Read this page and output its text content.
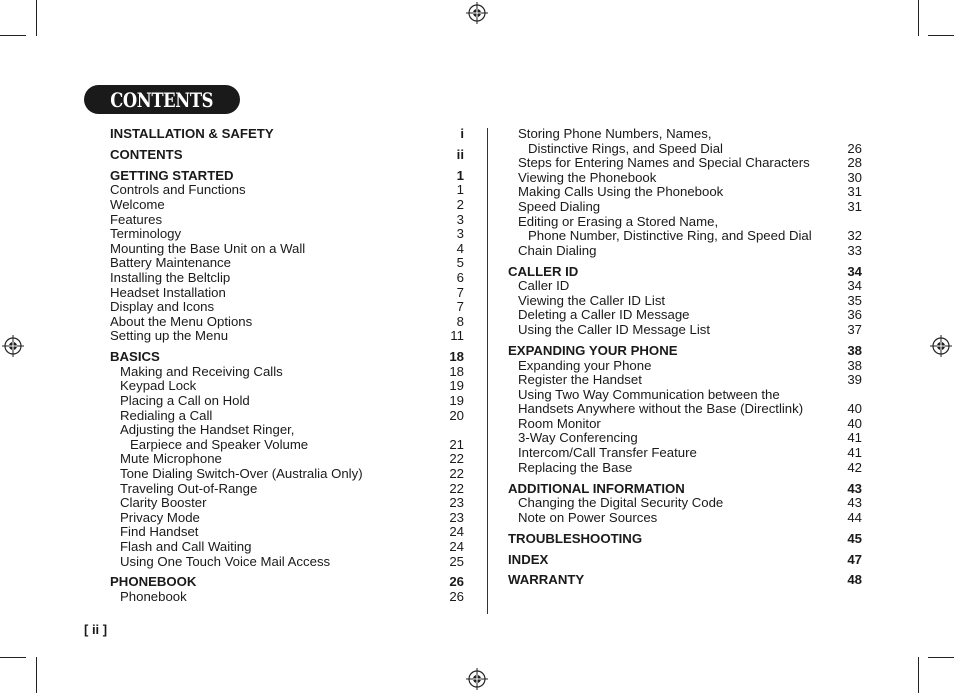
CONTENTS
INSTALLATION & SAFETY	i
CONTENTS	ii
GETTING STARTED	1
Controls and Functions	1
Welcome	2
Features	3
Terminology	3
Mounting the Base Unit on a Wall	4
Battery Maintenance	5
Installing the Beltclip	6
Headset Installation	7
Display and Icons	7
About the Menu Options	8
Setting up the Menu	11
BASICS	18
Making and Receiving Calls	18
Keypad Lock	19
Placing a Call on Hold	19
Redialing a Call	20
Adjusting the Handset Ringer,
Earpiece and Speaker Volume	21
Mute Microphone	22
Tone Dialing Switch-Over (Australia Only)	22
Traveling Out-of-Range	22
Clarity Booster	23
Privacy Mode	23
Find Handset	24
Flash and Call Waiting	24
Using One Touch Voice Mail Access	25
PHONEBOOK	26
Phonebook	26
Storing Phone Numbers, Names,
Distinctive Rings, and Speed Dial	26
Steps for Entering Names and Special Characters	28
Viewing the Phonebook	30
Making Calls Using the Phonebook	31
Speed Dialing	31
Editing or Erasing a Stored Name,
Phone Number, Distinctive Ring, and Speed Dial	32
Chain Dialing	33
CALLER ID	34
Caller ID	34
Viewing the Caller ID List	35
Deleting a Caller ID Message	36
Using the Caller ID Message List	37
EXPANDING YOUR PHONE	38
Expanding your Phone	38
Register the Handset	39
Using Two Way Communication between the
Handsets Anywhere without the Base (Directlink)	40
Room Monitor	40
3-Way Conferencing	41
Intercom/Call Transfer Feature	41
Replacing the Base	42
ADDITIONAL INFORMATION	43
Changing the Digital Security Code	43
Note on Power Sources	44
TROUBLESHOOTING	45
INDEX	47
WARRANTY	48
[ ii ]
